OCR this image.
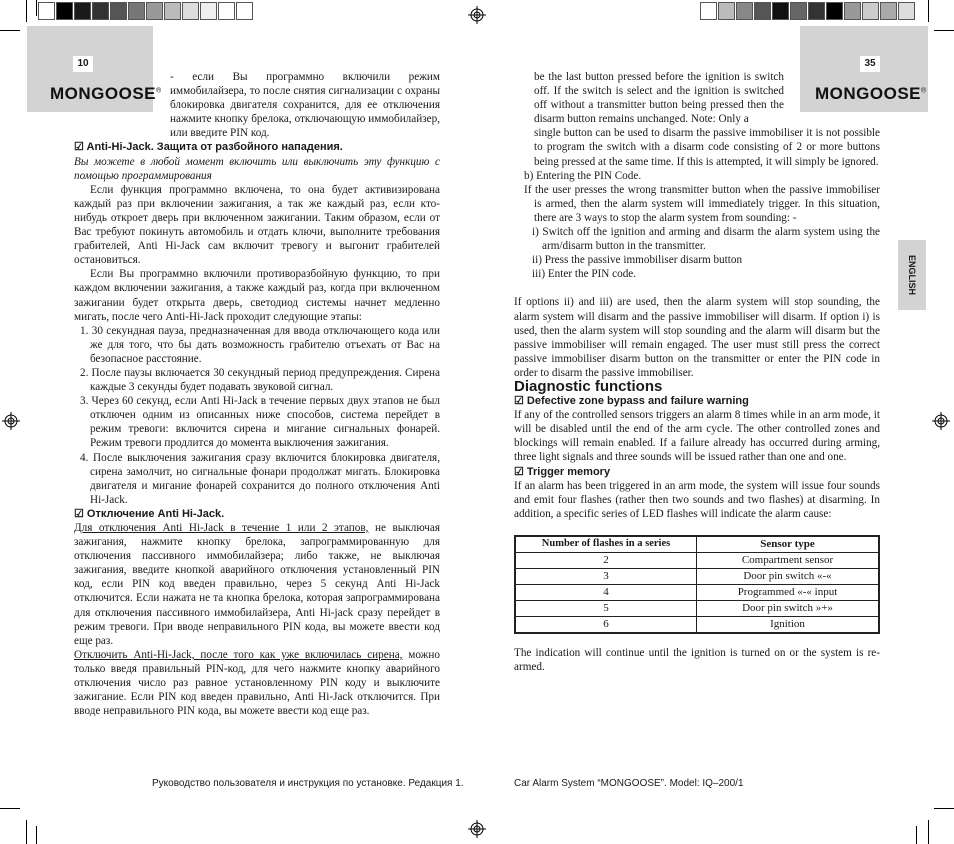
10
MONGOOSE®
35
MONGOOSE®
ENGLISH

- если Вы программно включили режим иммобилайзера, то после снятия сигнализации с охраны блокировка двигателя сохранится, для ее отключения нажмите кнопку брелока, отключающую иммобилайзер, или введите PIN код.

☑ Anti-Hi-Jack. Защита от разбойного нападения.

Вы можете в любой момент включить или выключить эту функцию с помощью программирования

Если функция программно включена, то она будет активизирована каждый раз при включении зажигания, а так же каждый раз, если кто-нибудь откроет дверь при включенном зажигании. Таким образом, если от Вас требуют покинуть автомобиль и отдать ключи, выполните требования грабителей, Anti Hi-Jack сам включит тревогу и выгонит грабителей остановиться.

Если Вы программно включили противоразбойную функцию, то при каждом включении зажигания, а также каждый раз, когда при включенном зажигании будет открыта дверь, светодиод системы начнет медленно мигать, после чего Anti-Hi-Jack проходит следующие этапы:

1. 30 секундная пауза, предназначенная для ввода отключающего кода или же для того, что бы дать возможность грабителю отъехать от Вас на безопасное расстояние.

2. После паузы включается 30 секундный период предупреждения. Сирена каждые 3 секунды будет подавать звуковой сигнал.

3. Через 60 секунд, если Anti Hi-Jack в течение первых двух этапов не был отключен одним из описанных ниже способов, система перейдет в режим тревоги: включится сирена и мигание сигнальных фонарей. Режим тревоги продлится до момента выключения зажигания.

4. После выключения зажигания сразу включится блокировка двигателя, сирена замолчит, но сигнальные фонари продолжат мигать. Блокировка двигателя и мигание фонарей сохранится до полного отключения Anti Hi-Jack.

☑ Отключение Anti Hi-Jack.

Для отключения Anti Hi-Jack в течение 1 или 2 этапов, не выключая зажигания, нажмите кнопку брелока, запрограммированную для отключения пассивного иммобилайзера; либо также, не выключая зажигания, введите кнопкой аварийного отключения установленный PIN код, если PIN код введен правильно, через 5 секунд Anti Hi-Jack отключится. Если нажата не та кнопка брелока, которая запрограммирована для отключения пассивного иммобилайзера, Anti Hi-jack сразу перейдет в режим тревоги. При вводе неправильного PIN кода, вы можете ввести код еще раз.

Отключить Anti-Hi-Jack, после того как уже включилась сирена, можно только введя правильный PIN-код, для чего нажмите кнопку аварийного отключения число раз равное установленному PIN коду и выключите зажигание. Если PIN код введен правильно, Anti Hi-Jack отключится. При вводе неправильного PIN кода, вы можете ввести код еще раз.

Руководство пользователя и инструкция по установке. Редакция 1.

be the last button pressed before the ignition is switch off. If the switch is select and the ignition is switched off without a transmitter button being pressed then the disarm button remains unchanged. Note: Only a

single button can be used to disarm the passive immobiliser it is not possible to program the switch with a disarm code consisting of 2 or more buttons being pressed at the same time. If this is attempted, it will simply be ignored.

b) Entering the PIN Code.

If the user presses the wrong transmitter button when the passive immobiliser is armed, then the alarm system will immediately trigger. In this situation, there are 3 ways to stop the alarm system from sounding: -

i) Switch off the ignition and arming and disarm the alarm system using the arm/disarm button in the transmitter.

ii) Press the passive immobiliser disarm button

iii) Enter the PIN code.

If options ii) and iii) are used, then the alarm system will stop sounding, the alarm system will disarm and the passive immobiliser will disarm. If option i) is used, then the alarm system will stop sounding and the alarm will disarm but the passive immobiliser will remain engaged. The user must still press the correct passive immobiliser disarm button on the transmitter or enter the PIN code in order to disarm the passive immobiliser.

Diagnostic functions

☑ Defective zone bypass and failure warning

If any of the controlled sensors triggers an alarm 8 times while in an arm mode, it will be disabled until the end of the arm cycle. The other controlled zones and blockings will remain enabled. If a failure already has occurred during arming, three light signals and three sounds will be issued rather than one and one.

☑ Trigger memory

If an alarm has been triggered in an arm mode, the system will issue four sounds and emit four flashes (rather then two sounds and two flashes) at disarming. In addition, a specific series of LED flashes will indicate the alarm cause:

Number of flashes in a series	Sensor type
2	Compartment sensor
3	Door pin switch «-«
4	Programmed «-« input
5	Door pin switch »+»
6	Ignition

The indication will continue until the ignition is turned on or the system is re-armed.

Car Alarm System “MONGOOSE”. Model: IQ–200/1
